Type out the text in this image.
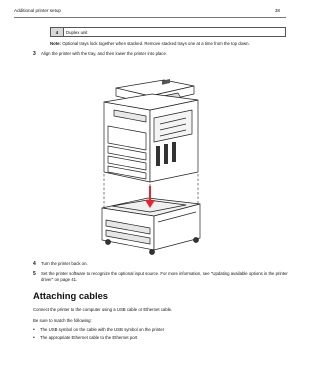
Additional printer setup	38
4	Duplex unit
Note: Optional trays lock together when stacked. Remove stacked trays one at a time from the top down.
3 Align the printer with the tray, and then lower the printer into place.
4 Turn the printer back on.
5 Set the printer software to recognize the optional input source. For more information, see "Updating available options in the printer driver" on page 41.
Attaching cables
Connect the printer to the computer using a USB cable or Ethernet cable.
Be sure to match the following:
• The USB symbol on the cable with the USB symbol on the printer
• The appropriate Ethernet cable to the Ethernet port
